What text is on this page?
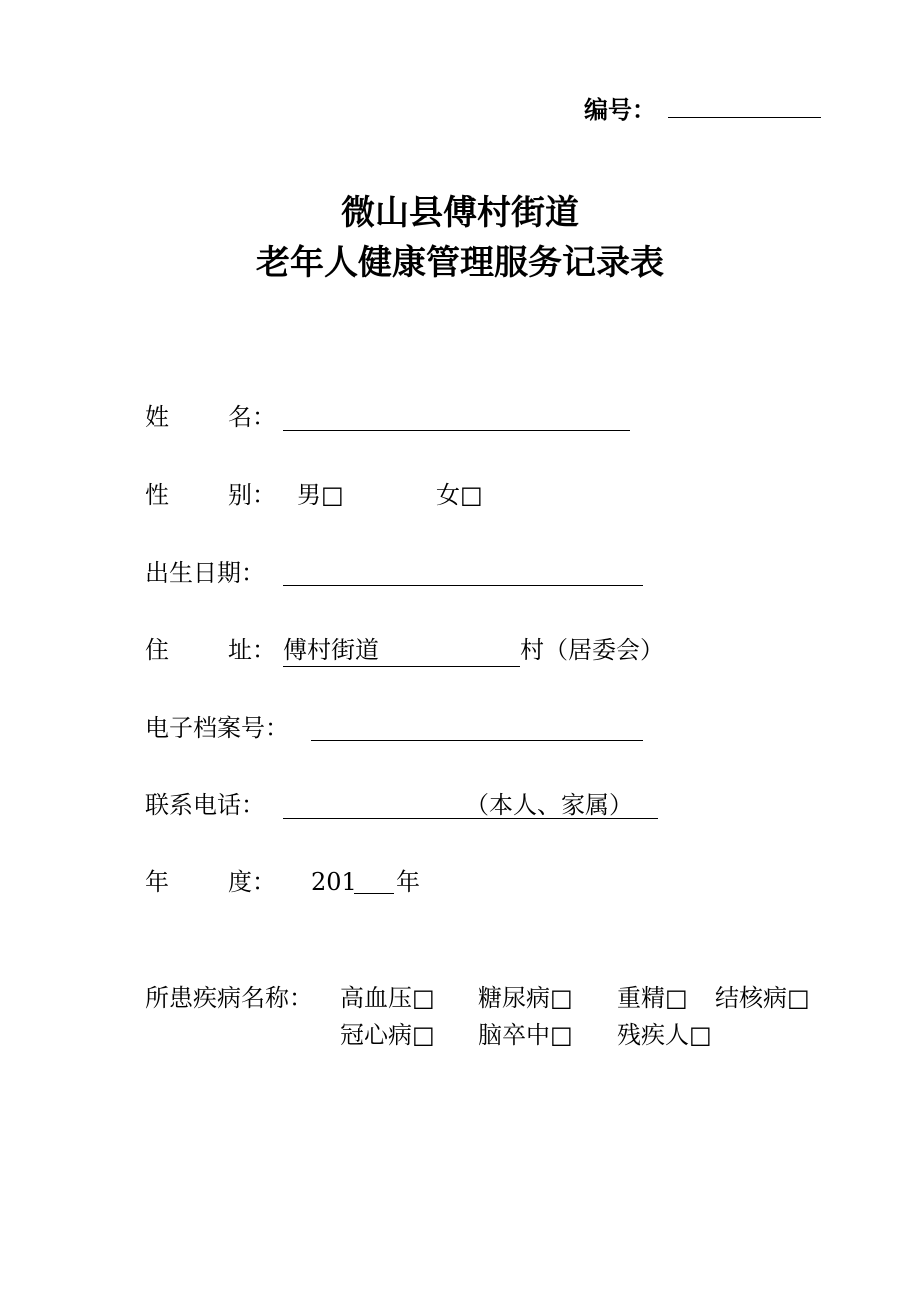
编号：
微山县傅村街道
老年人健康管理服务记录表
姓 名：
性 别： 男□	女□
出生日期：
住 址： 傅村街道	村（居委会）
电子档案号：
联系电话：	（本人、家属）
年 度： 201 年
所患疾病名称： 高血压□ 糖尿病□ 重精□ 结核病□
冠心病□ 脑卒中□ 残疾人□
